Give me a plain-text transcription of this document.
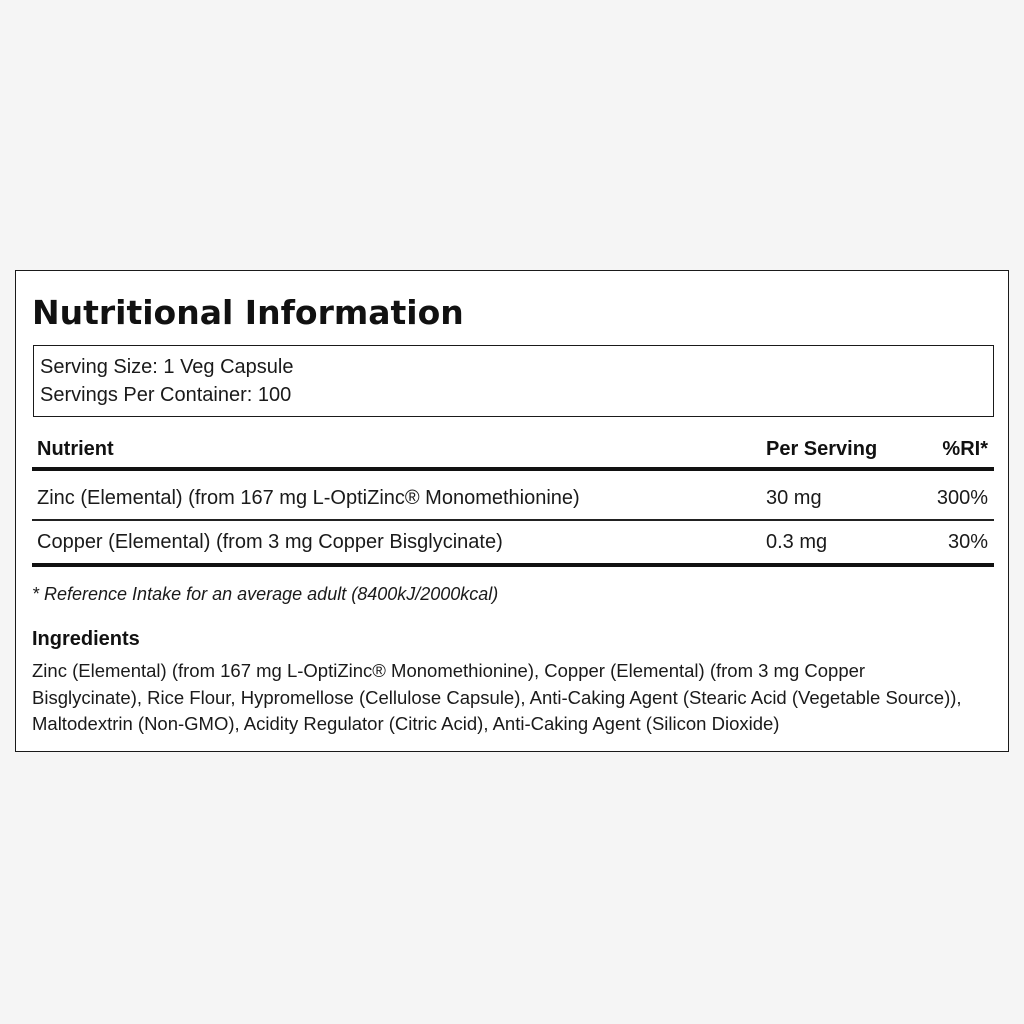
Nutritional Information
Serving Size: 1 Veg Capsule
Servings Per Container: 100
Nutrient	Per Serving	%RI*
Zinc (Elemental) (from 167 mg L-OptiZinc® Monomethionine)	30 mg	300%
Copper (Elemental) (from 3 mg Copper Bisglycinate)	0.3 mg	30%
* Reference Intake for an average adult (8400kJ/2000kcal)
Ingredients

Zinc (Elemental) (from 167 mg L-OptiZinc® Monomethionine), Copper (Elemental) (from 3 mg Copper Bisglycinate), Rice Flour, Hypromellose (Cellulose Capsule), Anti-Caking Agent (Stearic Acid (Vegetable Source)), Maltodextrin (Non-GMO), Acidity Regulator (Citric Acid), Anti-Caking Agent (Silicon Dioxide)
